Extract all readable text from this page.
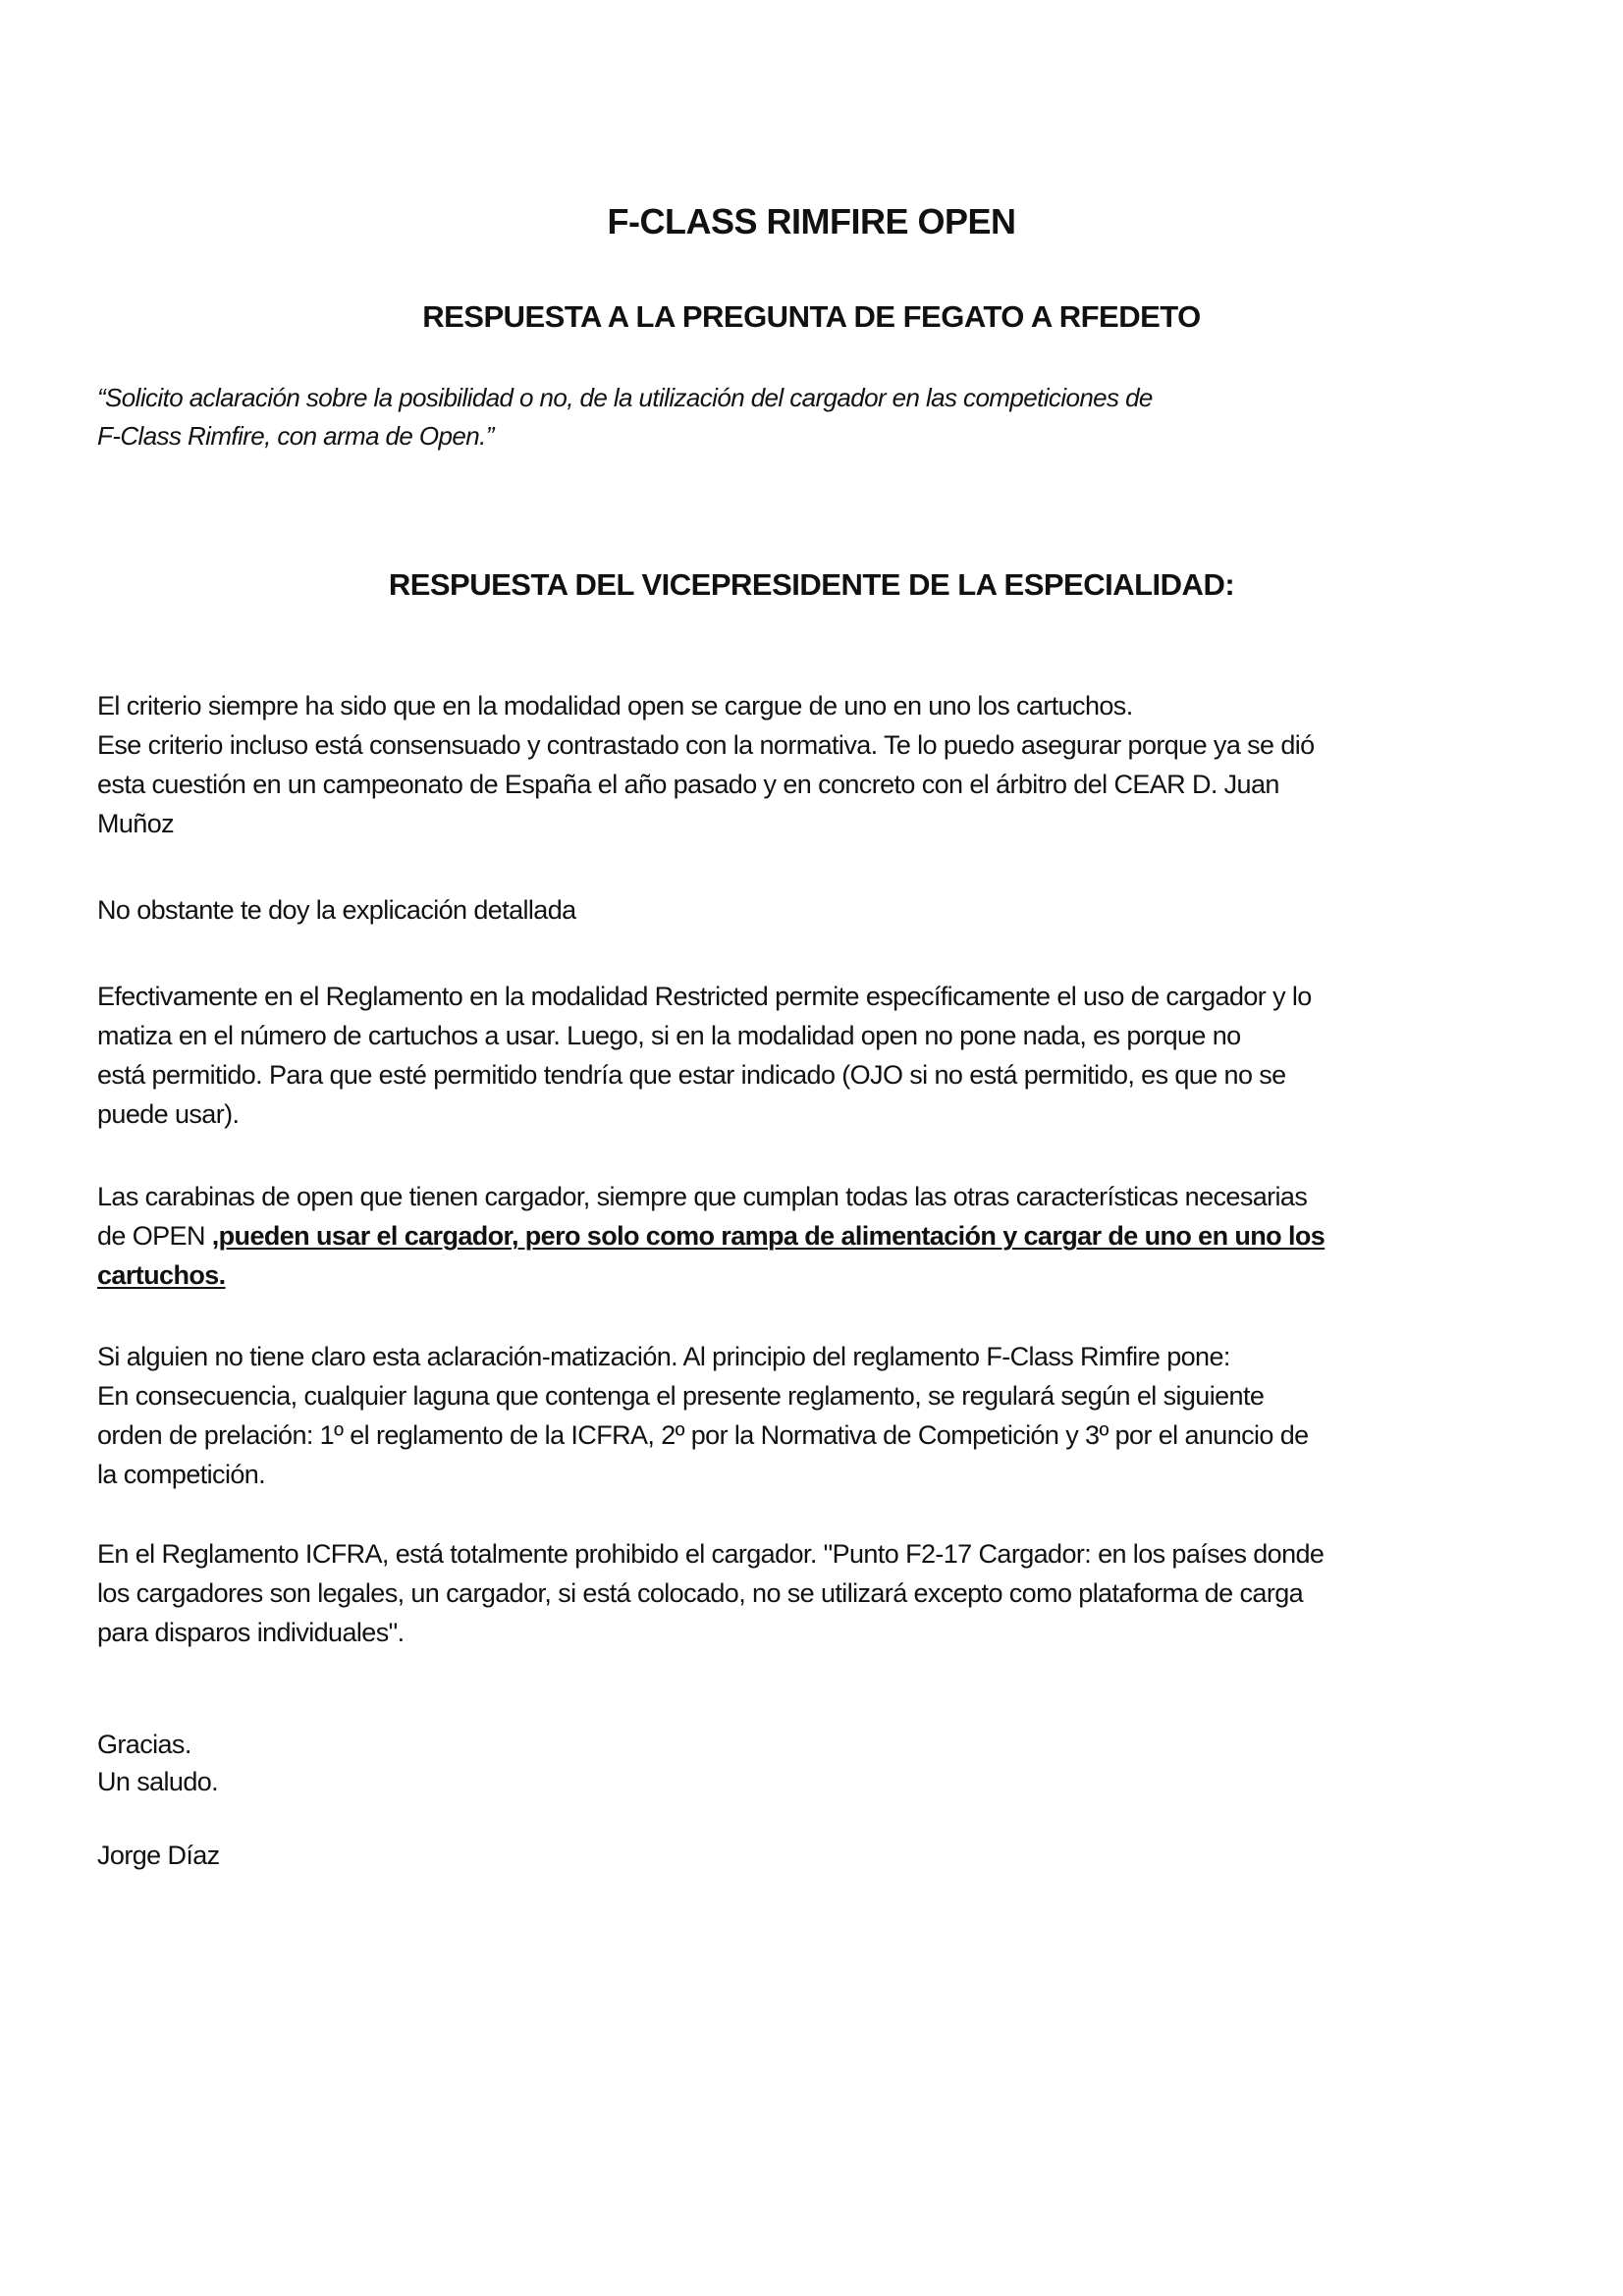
F-CLASS RIMFIRE OPEN
RESPUESTA A LA PREGUNTA DE FEGATO A RFEDETO
“Solicito aclaración sobre la posibilidad o no, de la utilización del cargador en las competiciones de
F-Class Rimfire, con arma de Open.”
RESPUESTA DEL VICEPRESIDENTE DE LA ESPECIALIDAD:
El criterio siempre ha sido que en la modalidad open se cargue de uno en uno los cartuchos.
Ese criterio incluso está consensuado y contrastado con la normativa. Te lo puedo asegurar porque ya se dió
esta cuestión en un campeonato de España el año pasado y en concreto con el árbitro del CEAR D. Juan
Muñoz
No obstante te doy la explicación detallada
Efectivamente en el Reglamento en la modalidad Restricted permite específicamente el uso de cargador y lo
matiza en el número de cartuchos a usar. Luego, si en la modalidad open no pone nada, es porque no
está permitido. Para que esté permitido tendría que estar indicado (OJO si no está permitido, es que no se
puede usar).
Las carabinas de open que tienen cargador, siempre que cumplan todas las otras características necesarias
de OPEN ,pueden usar el cargador, pero solo como rampa de alimentación y cargar de uno en uno los
cartuchos.
Si alguien no tiene claro esta aclaración-matización. Al principio del reglamento F-Class Rimfire pone:
En consecuencia, cualquier laguna que contenga el presente reglamento, se regulará según el siguiente
orden de prelación: 1º el reglamento de la ICFRA, 2º por la Normativa de Competición y 3º por el anuncio de
la competición.
En el Reglamento ICFRA, está totalmente prohibido el cargador. "Punto F2-17 Cargador: en los países donde
los cargadores son legales, un cargador, si está colocado, no se utilizará excepto como plataforma de carga
para disparos individuales".
Gracias.
Un saludo.
Jorge Díaz
